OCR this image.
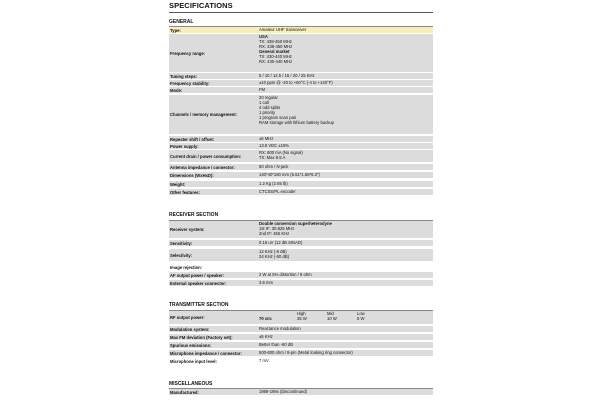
SPECIFICATIONS
GENERAL
Type:	Amateur UHF transceiver
Frequency range:
USA
TX: 438-450 MHz
RX: 438-450 MHz
General market
TX: 430-440 MHz
RX: 430-440 MHz
Tuning steps:	5 / 10 / 12.5 / 15 / 20 / 25 KHz
Frequency stability:	±10 ppm @ -20 to +60°C (-4 to +140°F)
Mode:	FM
Channels / memory management:
20 regular
1 call
4 odd splits
1 priority
1 program scan pair
RAM storage with lithium battery backup
Repeater shift / offset:	±5 MHz
Power supply:	13.8 VDC ±15%
Current drain / power consumption:
RX: 600 mA (No signal)
TX: Max 9.5 A
Antenna impedance / connector:	50 ohm / N-jack
Dimensions (WxHxD):	140*40*160 mm (5.51*1.58*6.3")
Weight:	1.2 Kg (2.65 lb)
Other features:	CTCSS/PL encoder
RECEIVER SECTION
Receiver system:
Double conversion superheterodyne
1st IF: 30.825 MHz
2nd IF: 455 KHz
Sensitivity:	0.16 uV (12 dB SINAD)
Selectivity:
12 KHz (-6 dB)
24 KHz (-60 dB)
Image rejection:
AF output power / speaker:	2 W at 5% distortion / 8 ohm
External speaker connector:	3.5 mm
TRANSMITTER SECTION
RF output power:
High	Mid	Low
70 cm:	35 W	10 W	5 W
Modulation system:	Reactance modulation
Max FM deviation (Factory set):	±5 KHz
Spurious emissions:	Better than -60 dB
Microphone impedance / connector:	500-600 ohm / 8-pin (Metal looking ring connector)
Microphone input level:	7 mV
MISCELLANEOUS
Manufactured:	1989-199x (Discontinued)
